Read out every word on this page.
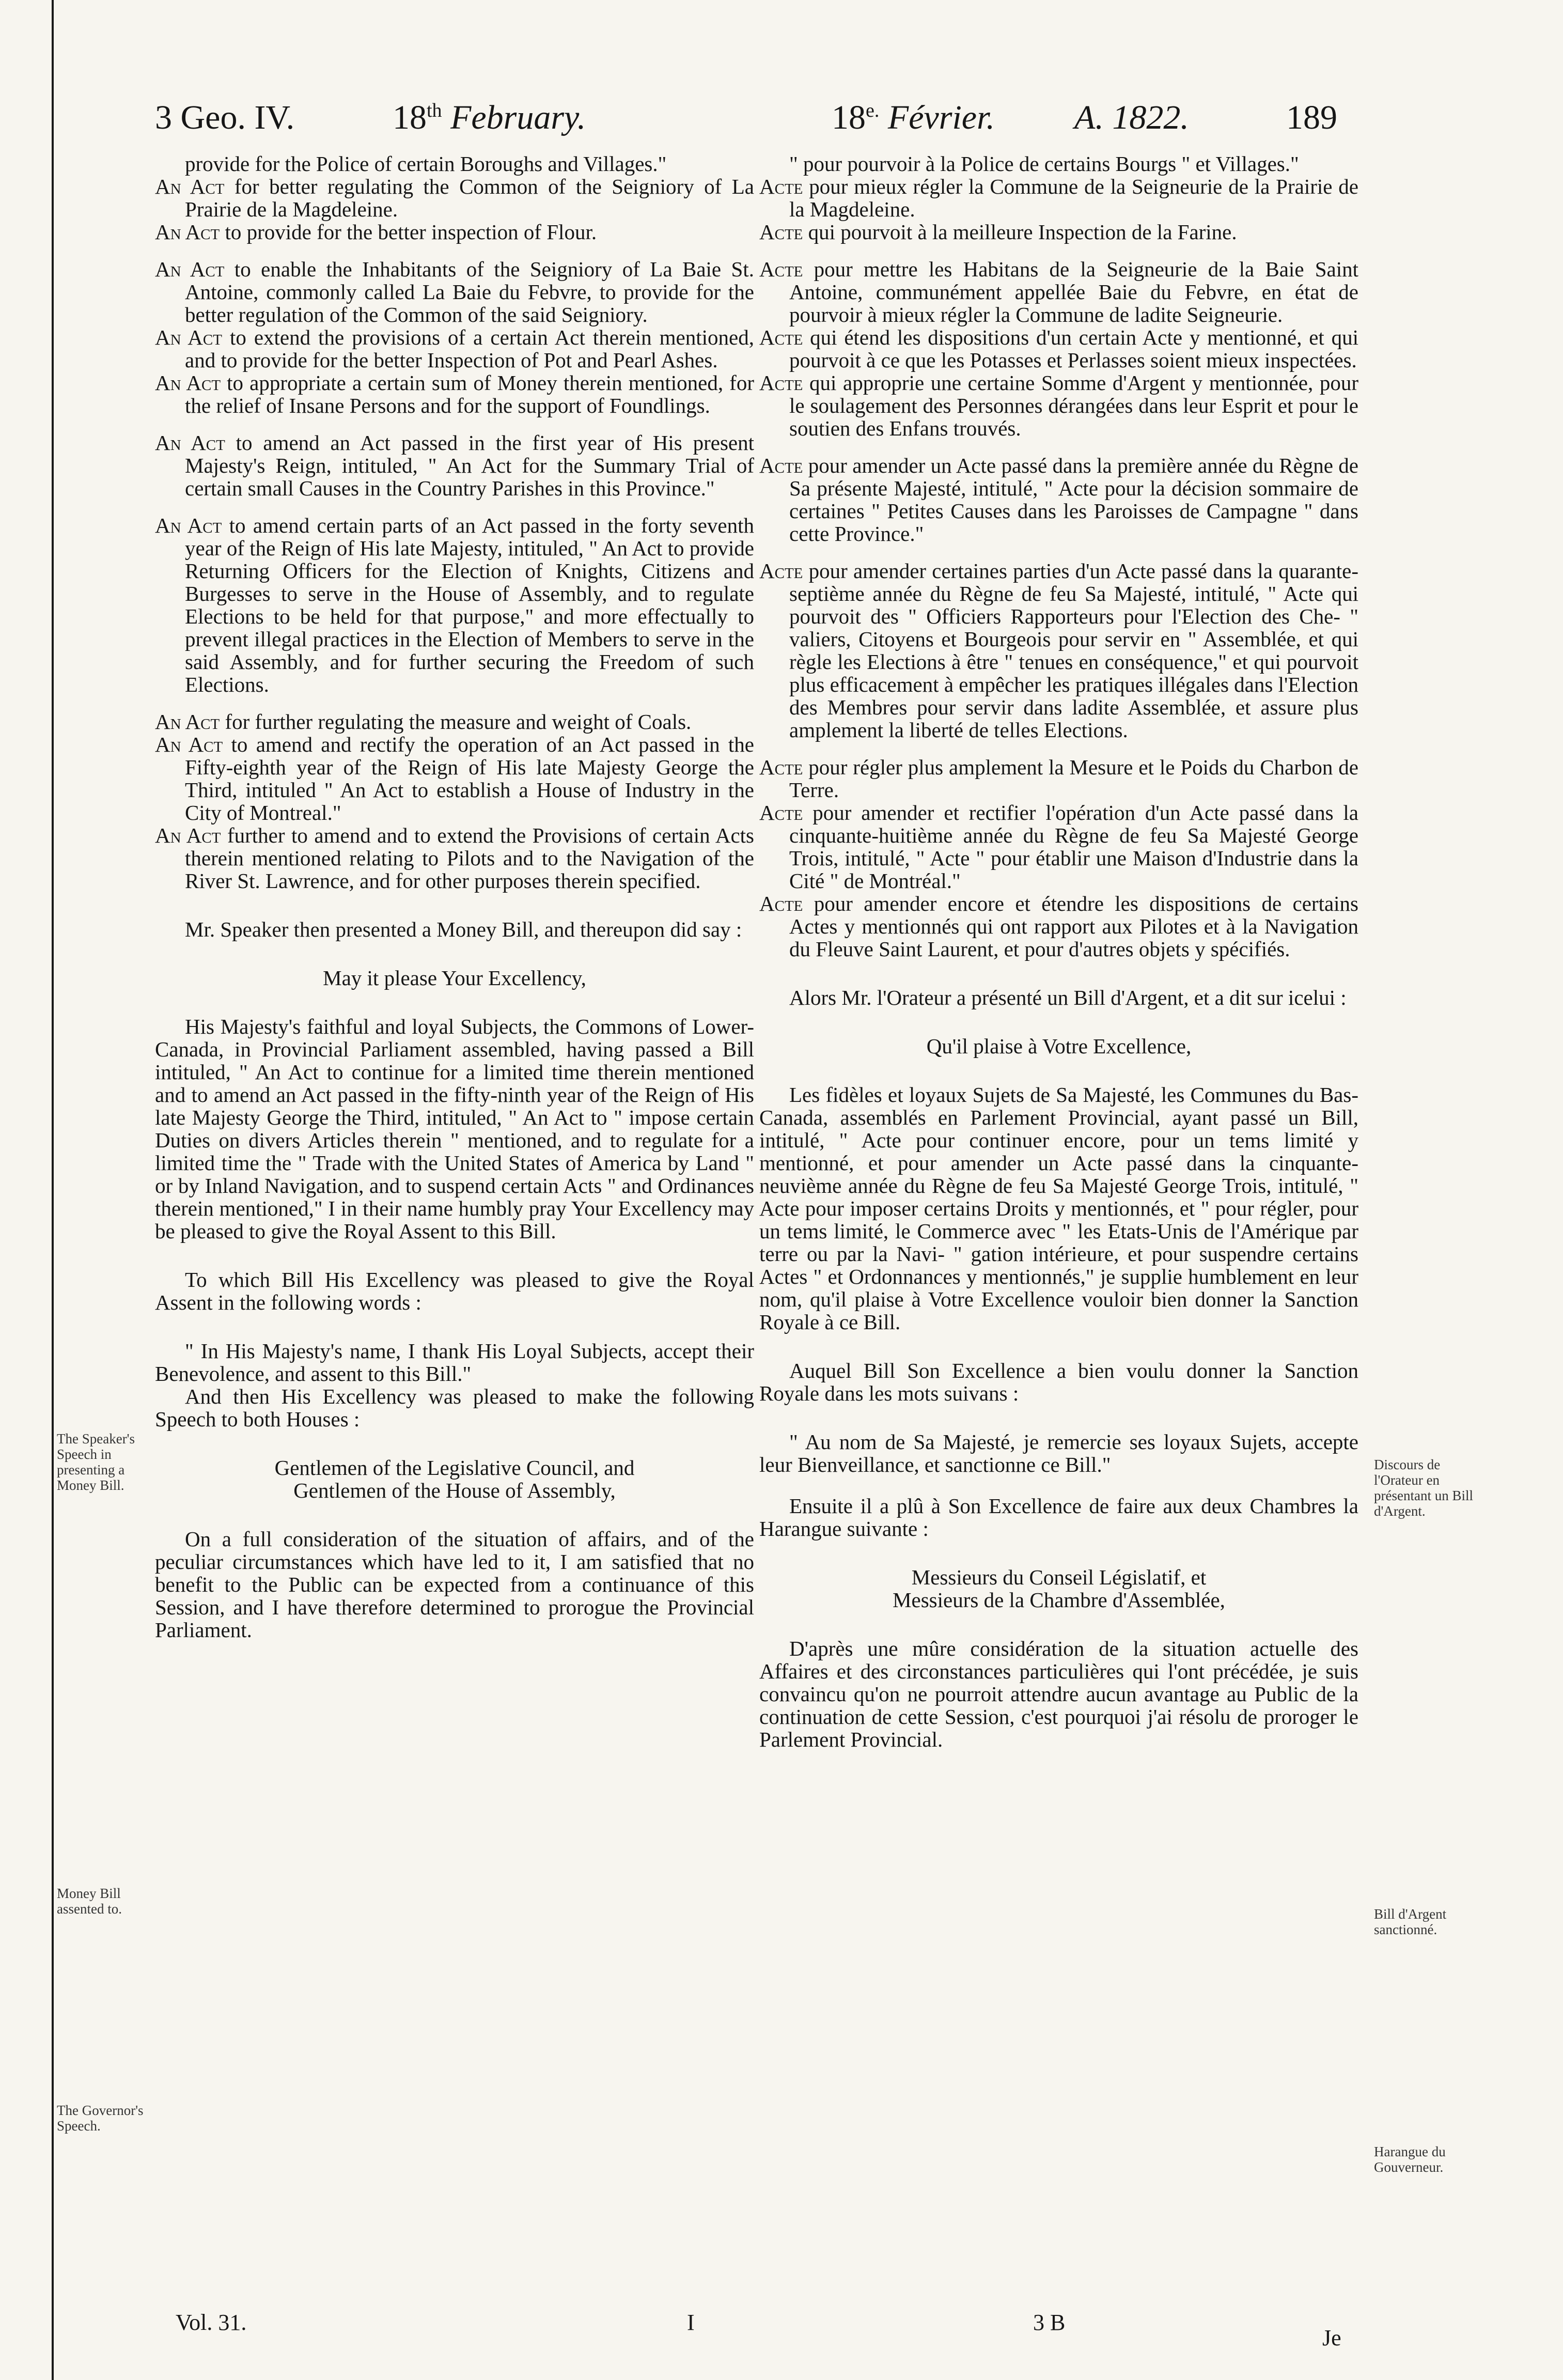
3 Geo. IV.	18th February.	$18^{e.}$ Février. A. 1822.	189

provide for the Police of certain Boroughs and Villages."

An Act for better regulating the Common of the Seigniory of La Prairie de la Magdeleine.

An Act to provide for the better inspection of Flour.

An Act to enable the Inhabitants of the Seigniory of La Baie St. Antoine, commonly called La Baie du Febvre, to provide for the better regulation of the Common of the said Seigniory.

An Act to extend the provisions of a certain Act therein mentioned, and to provide for the better Inspection of Pot and Pearl Ashes.

An Act to appropriate a certain sum of Money therein mentioned, for the relief of Insane Persons and for the support of Foundlings.

An Act to amend an Act passed in the first year of His present Majesty's Reign, intituled, " An Act for the Summary Trial of certain small Causes in the Country Parishes in this Province."

An Act to amend certain parts of an Act passed in the forty seventh year of the Reign of His late Majesty, intituled, " An Act to provide Returning Officers for the Election of Knights, Citizens and Burgesses to serve in the House of Assembly, and to regulate Elections to be held for that purpose," and more effectually to prevent illegal practices in the Election of Members to serve in the said Assembly, and for further securing the Freedom of such Elections.

An Act for further regulating the measure and weight of Coals.

An Act to amend and rectify the operation of an Act passed in the Fifty-eighth year of the Reign of His late Majesty George the Third, intituled " An Act to establish a House of Industry in the City of Montreal."

An Act further to amend and to extend the Provisions of certain Acts therein mentioned relating to Pilots and to the Navigation of the River St. Lawrence, and for other purposes therein specified.

Mr. Speaker then presented a Money Bill, and thereupon did say :

May it please Your Excellency,

His Majesty's faithful and loyal Subjects, the Commons of Lower-Canada, in Provincial Parliament assembled, having passed a Bill intituled, " An Act to continue for a limited time therein mentioned and to amend an Act passed in the fifty-ninth year of the Reign of His late Majesty George the Third, intituled, " An Act to " impose certain Duties on divers Articles therein " mentioned, and to regulate for a limited time the " Trade with the United States of America by Land " or by Inland Navigation, and to suspend certain Acts " and Ordinances therein mentioned," I in their name humbly pray Your Excellency may be pleased to give the Royal Assent to this Bill.

To which Bill His Excellency was pleased to give the Royal Assent in the following words :

" In His Majesty's name, I thank His Loyal Subjects, accept their Benevolence, and assent to this Bill."

And then His Excellency was pleased to make the following Speech to both Houses :

Gentlemen of the Legislative Council, and

Gentlemen of the House of Assembly,

On a full consideration of the situation of affairs, and of the peculiar circumstances which have led to it, I am satisfied that no benefit to the Public can be expected from a continuance of this Session, and I have therefore determined to prorogue the Provincial Parliament.

" pour pourvoir à la Police de certains Bourgs " et Villages."

Acte pour mieux régler la Commune de la Seigneurie de la Prairie de la Magdeleine.

Acte qui pourvoit à la meilleure Inspection de la Farine.

Acte pour mettre les Habitans de la Seigneurie de la Baie Saint Antoine, communément appellée Baie du Febvre, en état de pourvoir à mieux régler la Commune de ladite Seigneurie.

Acte qui étend les dispositions d'un certain Acte y mentionné, et qui pourvoit à ce que les Potasses et Perlasses soient mieux inspectées.

Acte qui approprie une certaine Somme d'Argent y mentionnée, pour le soulagement des Personnes dérangées dans leur Esprit et pour le soutien des Enfans trouvés.

Acte pour amender un Acte passé dans la première année du Règne de Sa présente Majesté, intitulé, " Acte pour la décision sommaire de certaines " Petites Causes dans les Paroisses de Campagne " dans cette Province."

Acte pour amender certaines parties d'un Acte passé dans la quarante-septième année du Règne de feu Sa Majesté, intitulé, " Acte qui pourvoit des " Officiers Rapporteurs pour l'Election des Che- " valiers, Citoyens et Bourgeois pour servir en " Assemblée, et qui règle les Elections à être " tenues en conséquence," et qui pourvoit plus efficacement à empêcher les pratiques illégales dans l'Election des Membres pour servir dans ladite Assemblée, et assure plus amplement la liberté de telles Elections.

Acte pour régler plus amplement la Mesure et le Poids du Charbon de Terre.

Acte pour amender et rectifier l'opération d'un Acte passé dans la cinquante-huitième année du Règne de feu Sa Majesté George Trois, intitulé, " Acte " pour établir une Maison d'Industrie dans la Cité " de Montréal."

Acte pour amender encore et étendre les dispositions de certains Actes y mentionnés qui ont rapport aux Pilotes et à la Navigation du Fleuve Saint Laurent, et pour d'autres objets y spécifiés.

Alors Mr. l'Orateur a présenté un Bill d'Argent, et a dit sur icelui :

Qu'il plaise à Votre Excellence,

Les fidèles et loyaux Sujets de Sa Majesté, les Communes du Bas-Canada, assemblés en Parlement Provincial, ayant passé un Bill, intitulé, " Acte pour continuer encore, pour un tems limité y mentionné, et pour amender un Acte passé dans la cinquante-neuvième année du Règne de feu Sa Majesté George Trois, intitulé, " Acte pour imposer certains Droits y mentionnés, et " pour régler, pour un tems limité, le Commerce avec " les Etats-Unis de l'Amérique par terre ou par la Navi- " gation intérieure, et pour suspendre certains Actes " et Ordonnances y mentionnés," je supplie humblement en leur nom, qu'il plaise à Votre Excellence vouloir bien donner la Sanction Royale à ce Bill.

Auquel Bill Son Excellence a bien voulu donner la Sanction Royale dans les mots suivans :

" Au nom de Sa Majesté, je remercie ses loyaux Sujets, accepte leur Bienveillance, et sanctionne ce Bill."

Ensuite il a plû à Son Excellence de faire aux deux Chambres la Harangue suivante :

Messieurs du Conseil Législatif, et

Messieurs de la Chambre d'Assemblée,

D'après une mûre considération de la situation actuelle des Affaires et des circonstances particulières qui l'ont précédée, je suis convaincu qu'on ne pourroit attendre aucun avantage au Public de la continuation de cette Session, c'est pourquoi j'ai résolu de proroger le Parlement Provincial.

The Speaker's Speech in presenting a Money Bill.
Money Bill assented to.
The Governor's Speech.
Discours de l'Orateur en présentant un Bill d'Argent.
Bill d'Argent sanctionné.
Harangue du Gouverneur.
Vol. 31.	I	3 B
Je
